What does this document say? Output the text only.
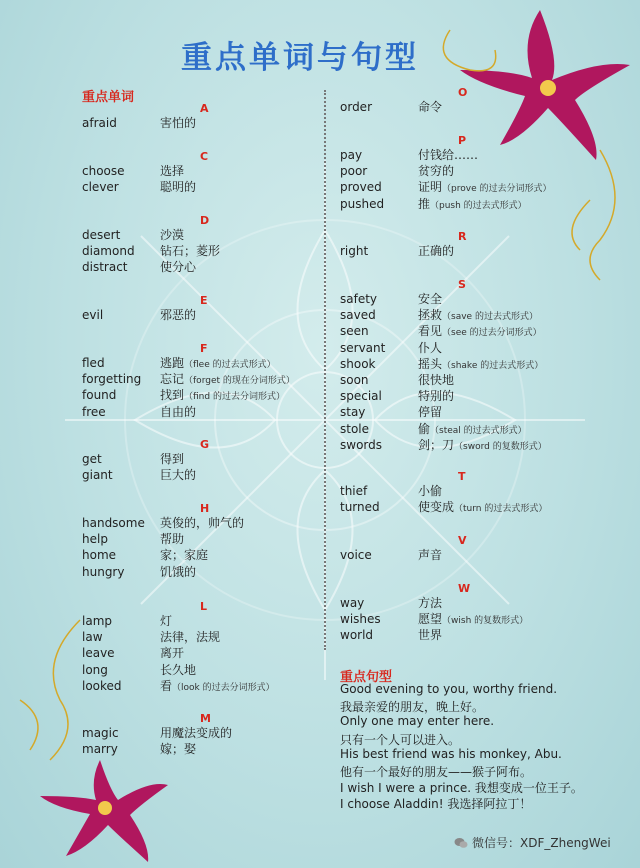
重点单词与句型
重点单词
A
afraid	害怕的
C
choose	选择
clever	聪明的
D
desert	沙漠
diamond 钻石；菱形
distract	使分心
E
evil	邪恶的
F
fled	逃跑（flee 的过去式形式）
forgetting 忘记（forget 的现在分词形式）
found	找到（find 的过去分词形式）
free	自由的
G
get	得到
giant	巨大的
H
handsome 英俊的，帅气的
help	帮助
home	家；家庭
hungry	饥饿的
L
lamp	灯
law	法律，法规
leave	离开
long	长久地
looked	看（look 的过去分词形式）
M
magic	用魔法变成的
marry	嫁；娶
O
order	命令
P
pay	付钱给……
poor	贫穷的
proved	证明（prove 的过去分词形式）
pushed	推（push 的过去式形式）
R
right	正确的
S
safety	安全
saved	拯救（save 的过去式形式）
seen	看见（see 的过去分词形式）
servant	仆人
shook	摇头（shake 的过去式形式）
soon	很快地
special	特别的
stay	停留
stole	偷（steal 的过去式形式）
swords	剑；刀（sword 的复数形式）
T
thief	小偷
turned	使变成（turn 的过去式形式）
V
voice	声音
W
way	方法
wishes	愿望（wish 的复数形式）
world	世界
重点句型
Good evening to you, worthy friend.
我最亲爱的朋友，晚上好。
Only one may enter here.
只有一个人可以进入。
His best friend was his monkey, Abu.
他有一个最好的朋友——猴子阿布。
I wish I were a prince. 我想变成一位王子。
I choose Aladdin! 我选择阿拉丁！
微信号：XDF_ZhengWei
